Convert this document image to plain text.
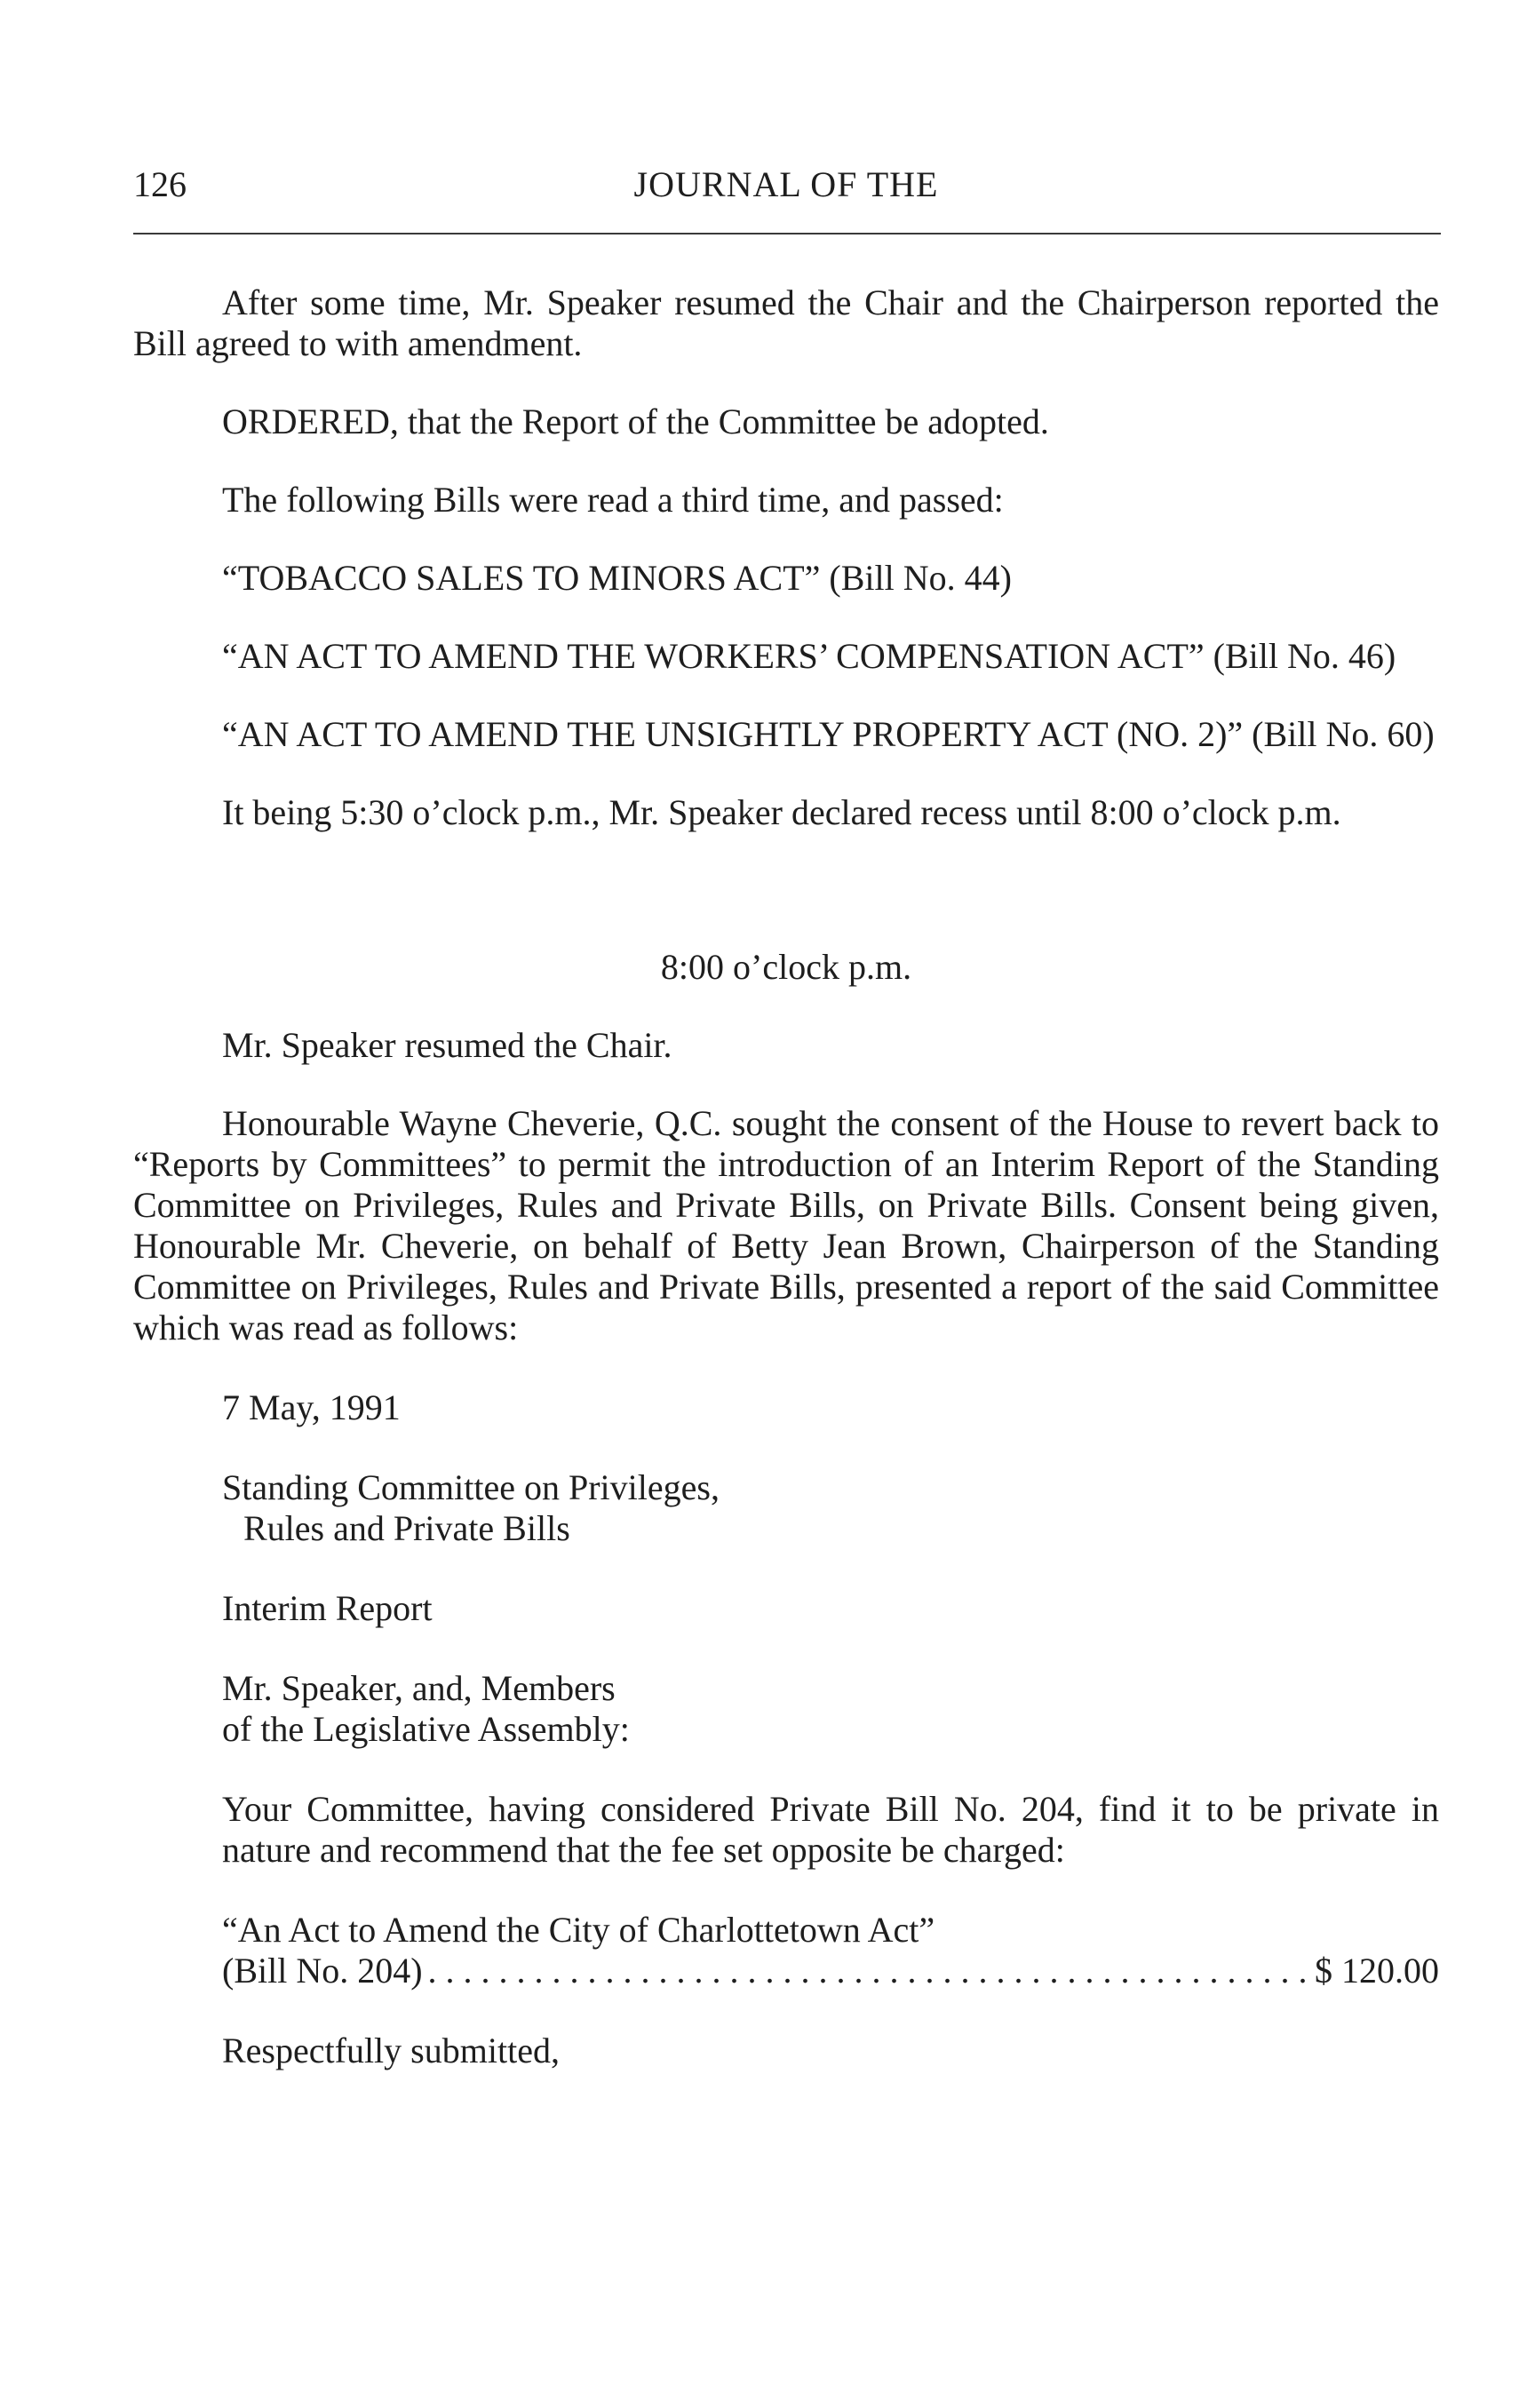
126	JOURNAL OF THE

After some time, Mr. Speaker resumed the Chair and the Chairperson reported the Bill agreed to with amendment.

ORDERED, that the Report of the Committee be adopted.

The following Bills were read a third time, and passed:

“TOBACCO SALES TO MINORS ACT” (Bill No. 44)

“AN ACT TO AMEND THE WORKERS’ COMPENSATION ACT” (Bill No. 46)

“AN ACT TO AMEND THE UNSIGHTLY PROPERTY ACT (NO. 2)” (Bill No. 60)

It being 5:30 o’clock p.m., Mr. Speaker declared recess until 8:00 o’clock p.m.

8:00 o’clock p.m.

Mr. Speaker resumed the Chair.

Honourable Wayne Cheverie, Q.C. sought the consent of the House to revert back to “Reports by Committees” to permit the introduction of an Interim Report of the Standing Committee on Privileges, Rules and Private Bills, on Private Bills. Consent being given, Honourable Mr. Cheverie, on behalf of Betty Jean Brown, Chairperson of the Standing Committee on Privileges, Rules and Private Bills, presented a report of the said Committee which was read as follows:

7 May, 1991

Standing Committee on Privileges,

Rules and Private Bills

Interim Report

Mr. Speaker, and, Members

of the Legislative Assembly:

Your Committee, having considered Private Bill No. 204, find it to be private in nature and recommend that the fee set opposite be charged:

“An Act to Amend the City of Charlottetown Act”

(Bill No. 204)
. . .	$ 120.00

Respectfully submitted,
